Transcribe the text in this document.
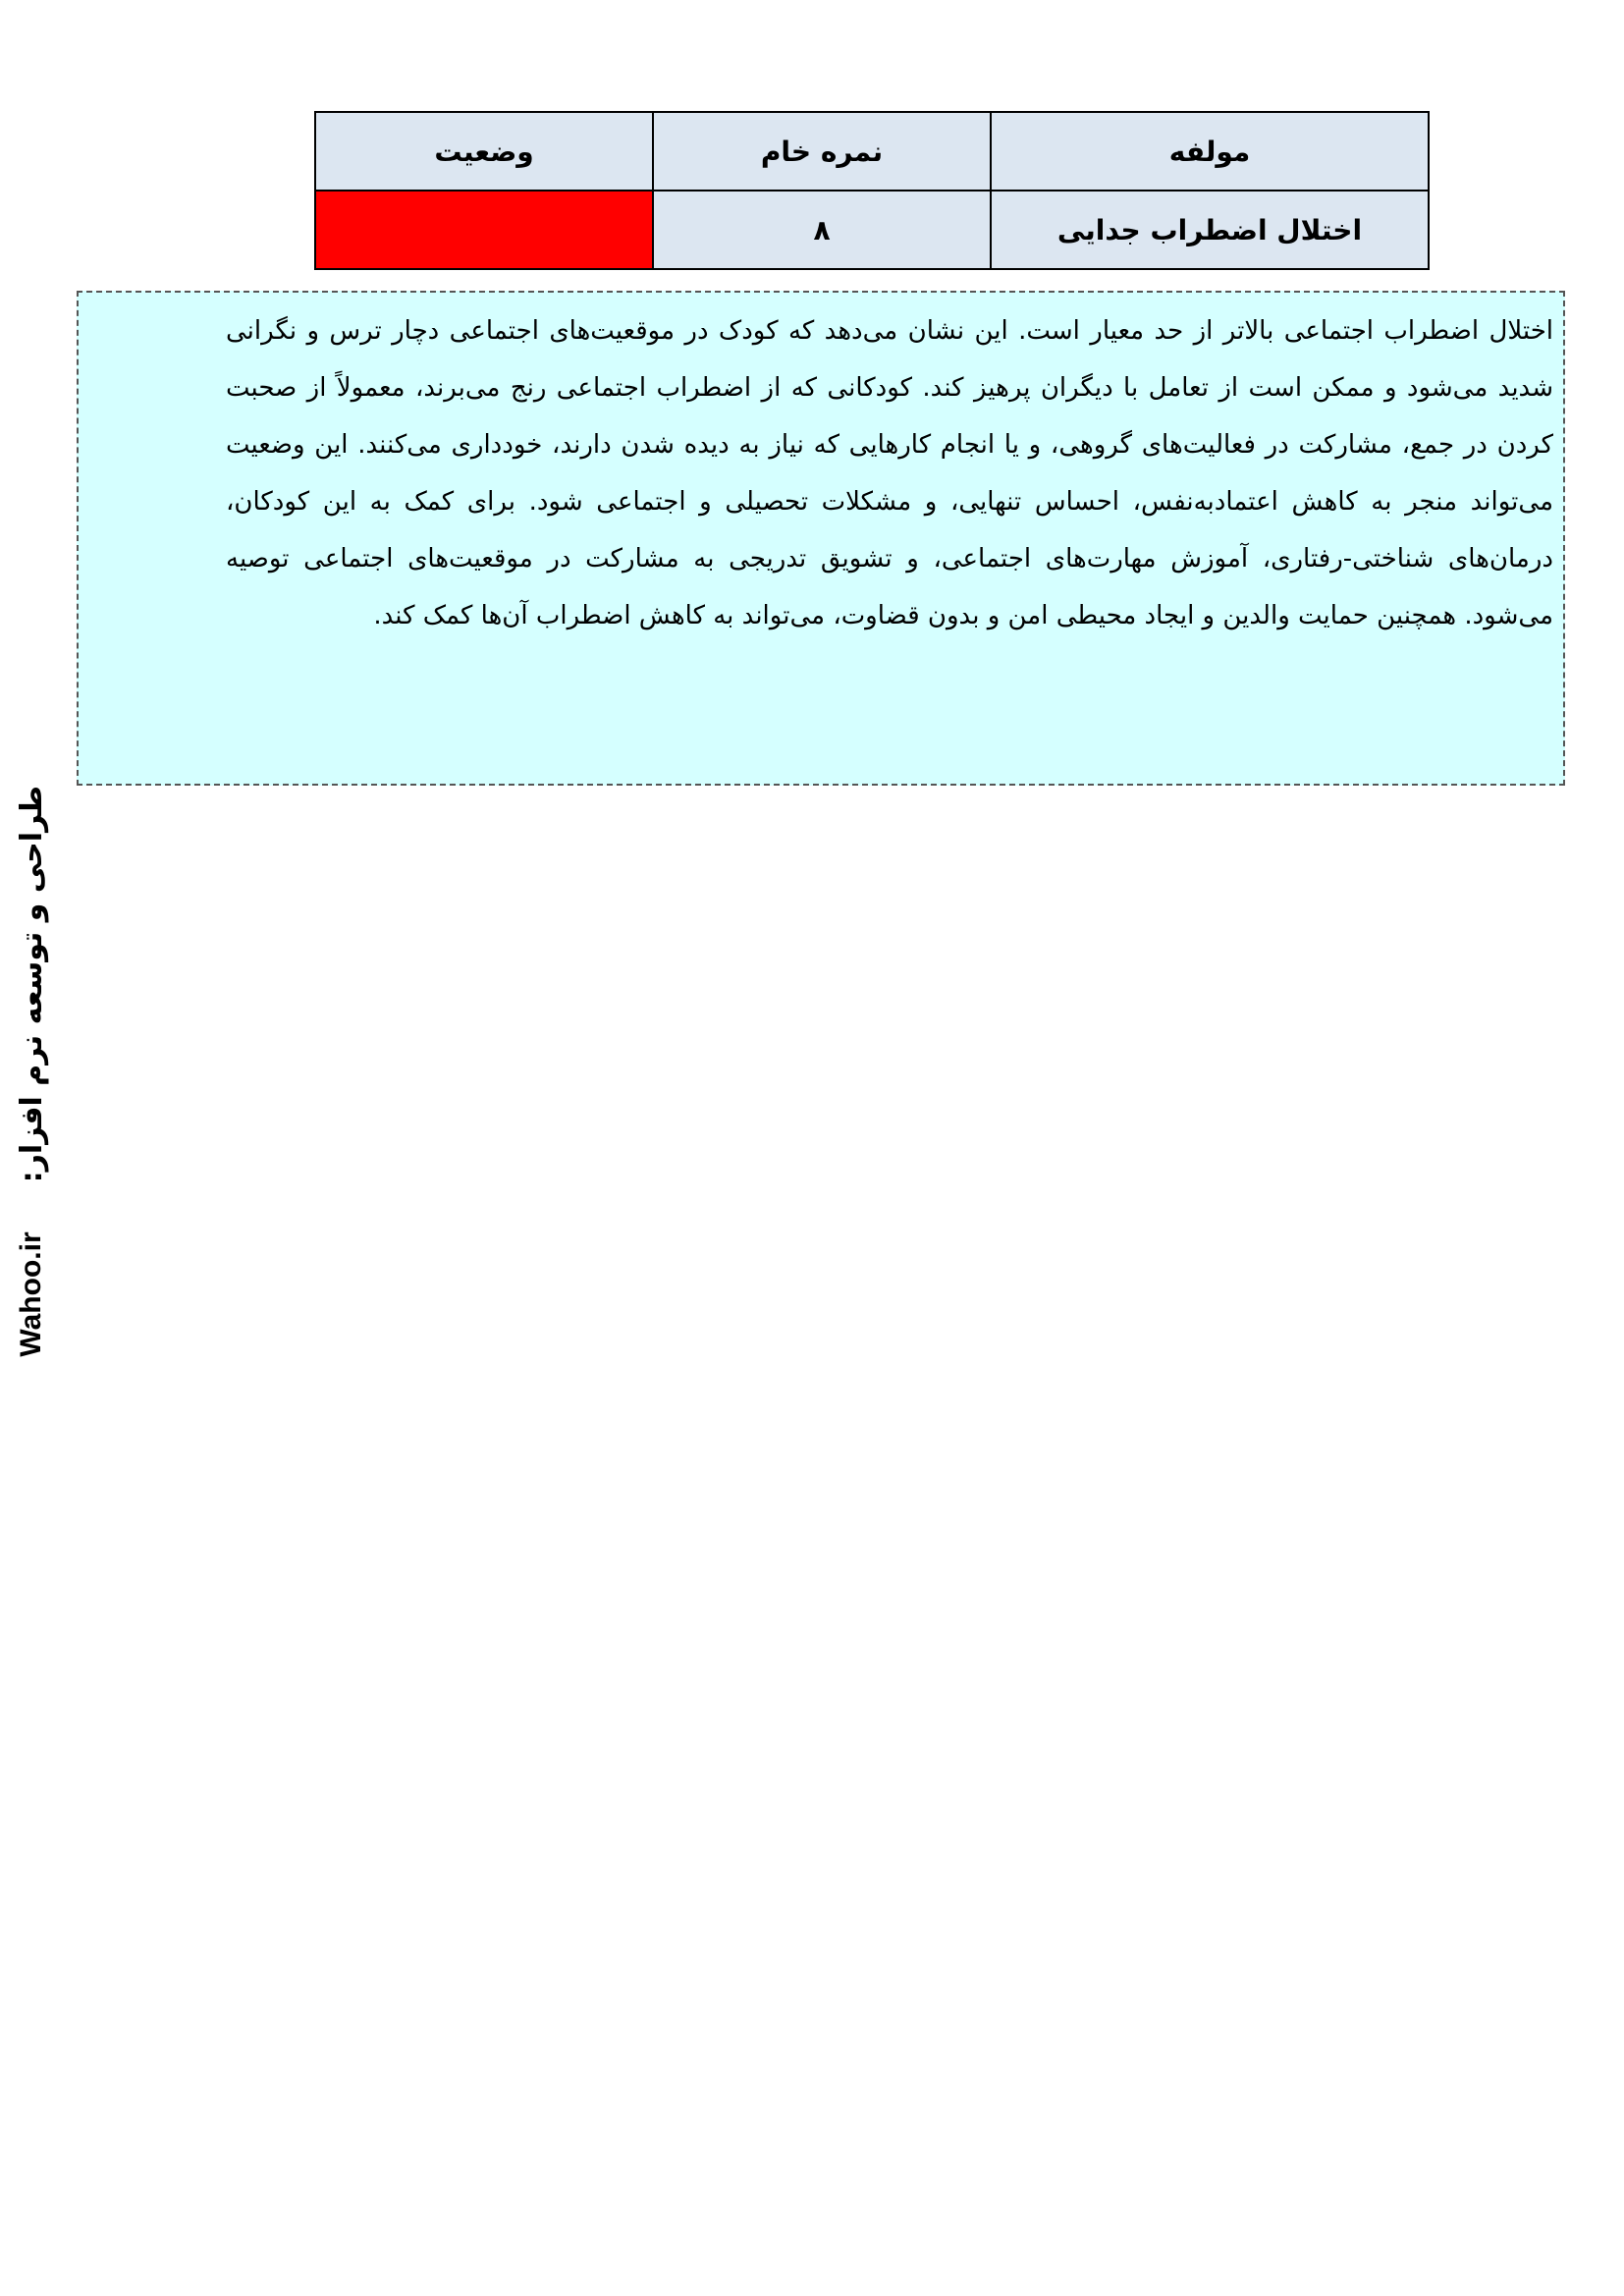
مولفه	نمره خام	وضعیت
اختلال اضطراب جدایی	۸	
اختلال اضطراب اجتماعی بالاتر از حد معیار است. این نشان می‌دهد که کودک در موقعیت‌های اجتماعی دچار ترس و نگرانی شدید می‌شود و ممکن است از تعامل با دیگران پرهیز کند. کودکانی که از اضطراب اجتماعی رنج می‌برند، معمولاً از صحبت کردن در جمع، مشارکت در فعالیت‌های گروهی، و یا انجام کارهایی که نیاز به دیده شدن دارند، خودداری می‌کنند. این وضعیت می‌تواند منجر به کاهش اعتمادبه‌نفس، احساس تنهایی، و مشکلات تحصیلی و اجتماعی شود. برای کمک به این کودکان، درمان‌های شناختی-رفتاری، آموزش مهارت‌های اجتماعی، و تشویق تدریجی به مشارکت در موقعیت‌های اجتماعی توصیه می‌شود. همچنین حمایت والدین و ایجاد محیطی امن و بدون قضاوت، می‌تواند به کاهش اضطراب آن‌ها کمک کند.
طراحی و توسعه نرم افزار:
Wahoo.ir
